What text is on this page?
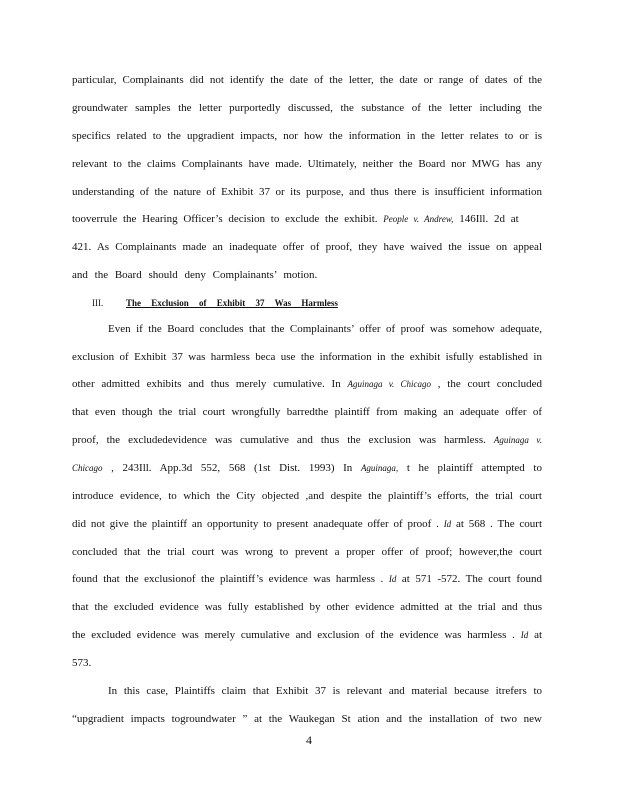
particular, Complainants did not identify the date of the letter, the date or range of dates of the
groundwater samples the letter purportedly discussed, the substance of the letter including the
specifics related to the upgradient impacts, nor how the information in the letter relates to or is
relevant to the claims Complainants have made. Ultimately, neither the Board nor MWG has any
understanding of the nature of Exhibit 37 or its purpose, and thus there is insufficient information
tooverrule the Hearing Officer’s decision to exclude the exhibit. People v. Andrew, 146Ill. 2d at
421. As Complainants made an inadequate offer of proof, they have waived the issue on appeal
and the Board should deny Complainants’ motion.
III.	The Exclusion of Exhibit 37 Was Harmless
Even if the Board concludes that the Complainants’ offer of proof was somehow adequate,
exclusion of Exhibit 37 was harmless beca use the information in the exhibit isfully established in
other admitted exhibits and thus merely cumulative. In Aguinaga v. Chicago , the court concluded
that even though the trial court wrongfully barredthe plaintiff from making an adequate offer of
proof, the excludedevidence was cumulative and thus the exclusion was harmless. Aguinaga v.
Chicago , 243Ill. App.3d 552, 568 (1st Dist. 1993) In Aguinaga, t he plaintiff attempted to
introduce evidence, to which the City objected ,and despite the plaintiff’s efforts, the trial court
did not give the plaintiff an opportunity to present anadequate offer of proof . Id at 568 . The court
concluded that the trial court was wrong to prevent a proper offer of proof; however,the court
found that the exclusionof the plaintiff’s evidence was harmless . Id at 571 -572. The court found
that the excluded evidence was fully established by other evidence admitted at the trial and thus
the excluded evidence was merely cumulative and exclusion of the evidence was harmless . Id at
573.
In this case, Plaintiffs claim that Exhibit 37 is relevant and material because itrefers to
“upgradient impacts togroundwater ” at the Waukegan St ation and the installation of two new
4
